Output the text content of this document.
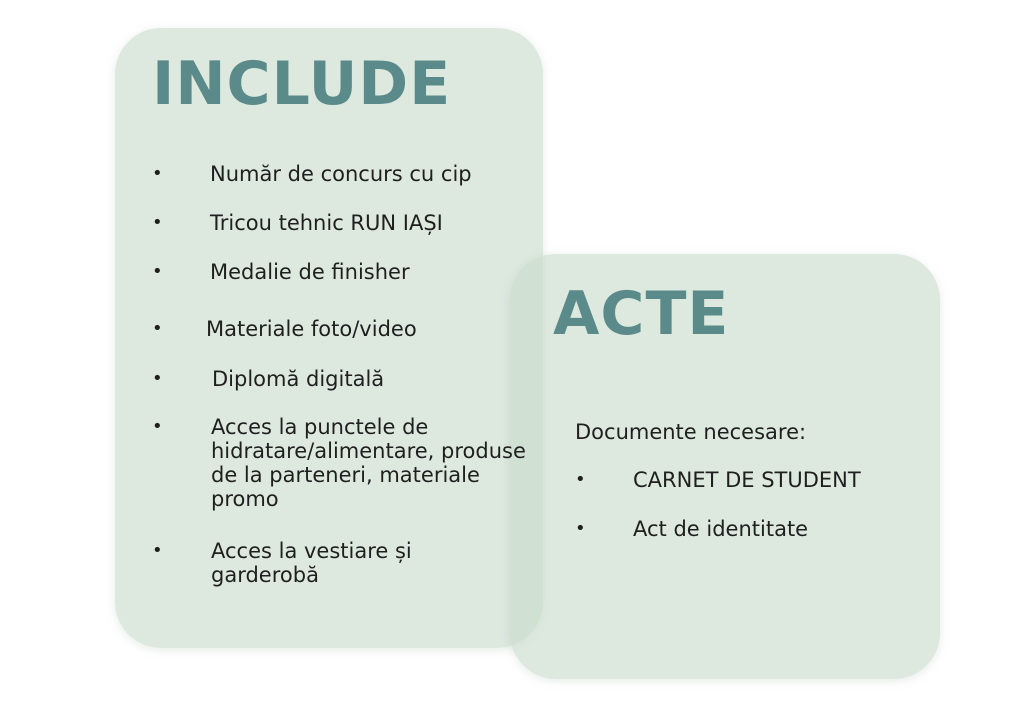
INCLUDE
• Număr de concurs cu cip
• Tricou tehnic RUN IAȘI
• Medalie de finisher
• Materiale foto/video
• Diplomă digitală
• Acces la punctele de hidratare/alimentare, produse de la parteneri, materiale promo
• Acces la vestiare și garderobă
ACTE
Documente necesare:
• CARNET DE STUDENT
• Act de identitate
